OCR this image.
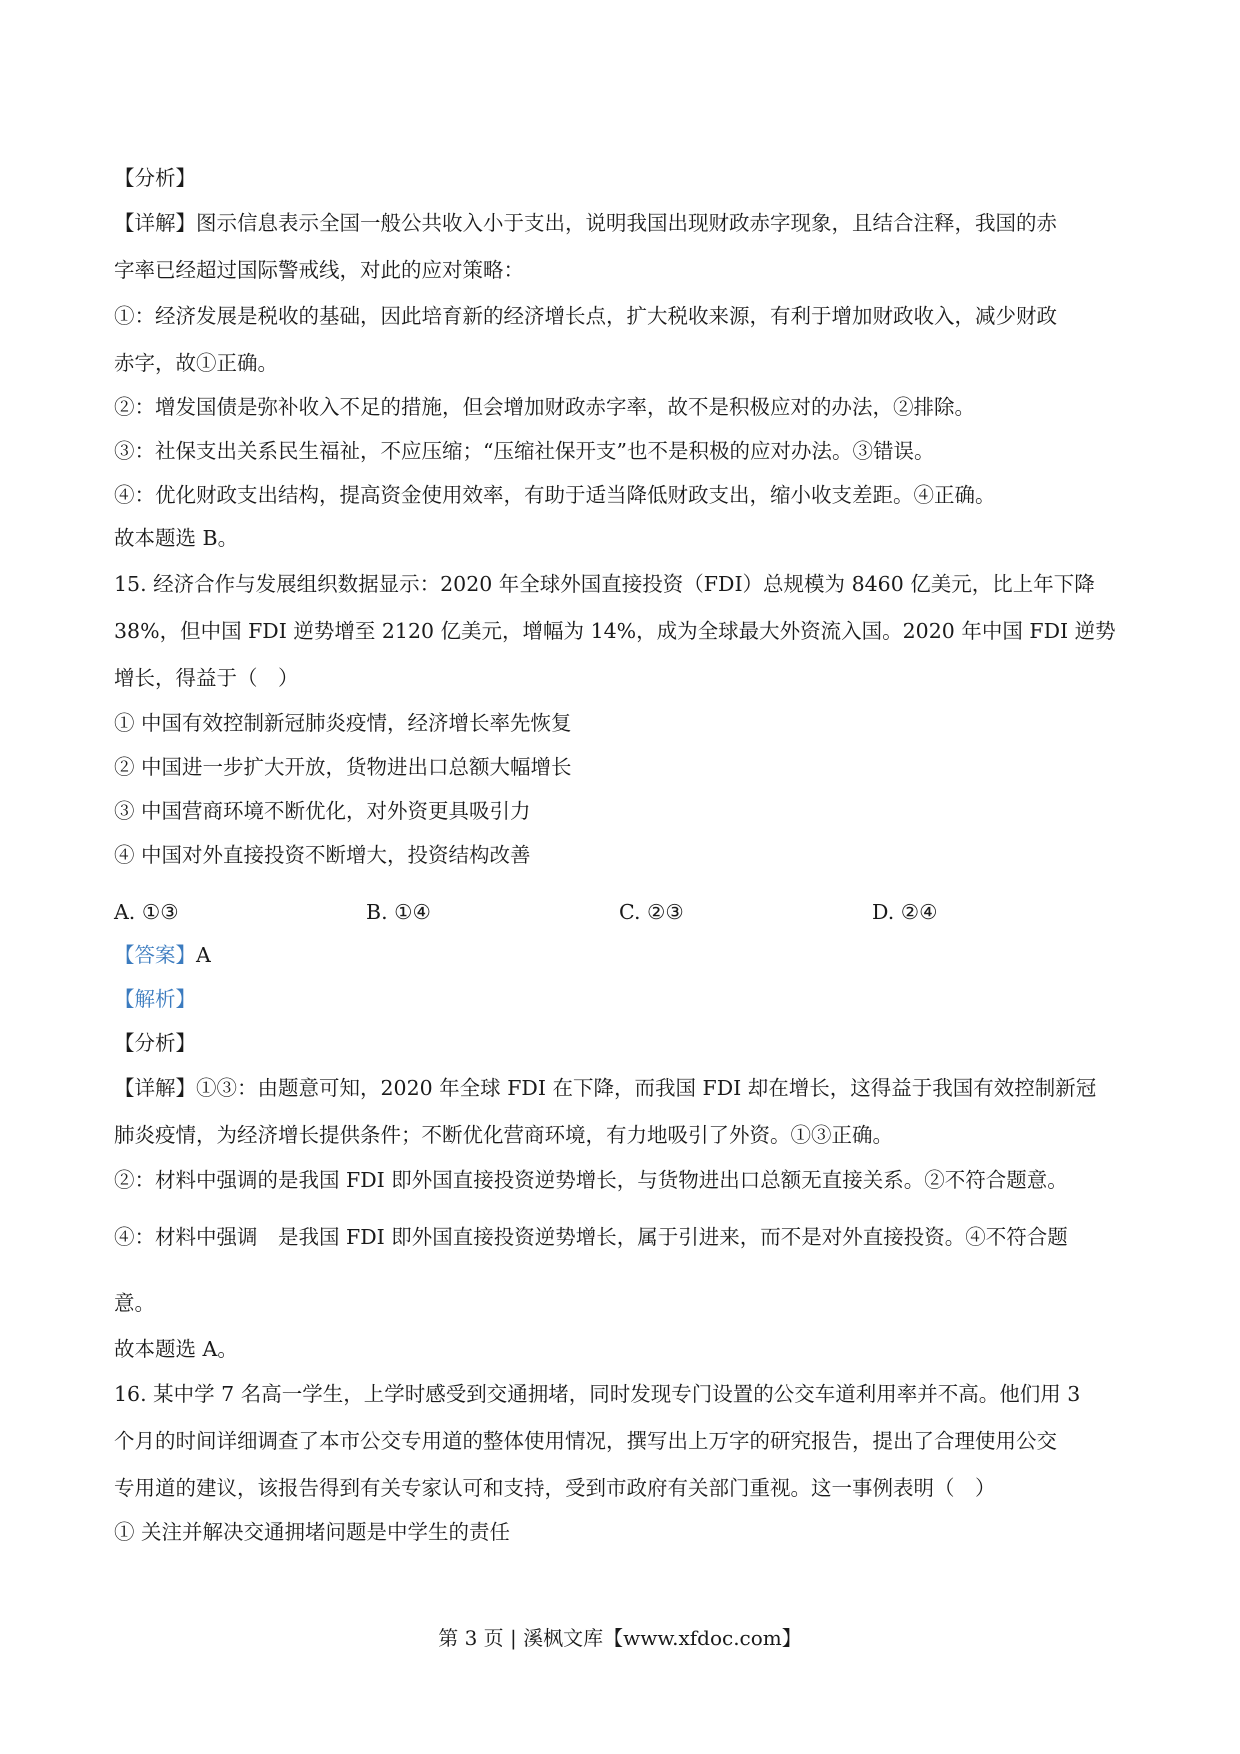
【分析】

【详解】图示信息表示全国一般公共收入小于支出，说明我国出现财政赤字现象，且结合注释，我国的赤

字率已经超过国际警戒线，对此的应对策略：

①：经济发展是税收的基础，因此培育新的经济增长点，扩大税收来源，有利于增加财政收入，减少财政

赤字，故①正确。

②：增发国债是弥补收入不足的措施，但会增加财政赤字率，故不是积极应对的办法，②排除。

③：社保支出关系民生福祉，不应压缩；“压缩社保开支”也不是积极的应对办法。③错误。

④：优化财政支出结构，提高资金使用效率，有助于适当降低财政支出，缩小收支差距。④正确。

故本题选 B。

15. 经济合作与发展组织数据显示：2020 年全球外国直接投资（FDI）总规模为 8460 亿美元，比上年下降

38%，但中国 FDI 逆势增至 2120 亿美元，增幅为 14%，成为全球最大外资流入国。2020 年中国 FDI 逆势

增长，得益于（　）

① 中国有效控制新冠肺炎疫情，经济增长率先恢复

② 中国进一步扩大开放，货物进出口总额大幅增长

③ 中国营商环境不断优化，对外资更具吸引力

④ 中国对外直接投资不断增大，投资结构改善

A. ①③	B. ①④	C. ②③	D. ②④

【答案】A

【解析】

【分析】

【详解】①③：由题意可知，2020 年全球 FDI 在下降，而我国 FDI 却在增长，这得益于我国有效控制新冠

肺炎疫情，为经济增长提供条件；不断优化营商环境，有力地吸引了外资。①③正确。

②：材料中强调的是我国 FDI 即外国直接投资逆势增长，与货物进出口总额无直接关系。②不符合题意。

④：材料中强调　是我国 FDI 即外国直接投资逆势增长，属于引进来，而不是对外直接投资。④不符合题

意。

故本题选 A。

16. 某中学 7 名高一学生，上学时感受到交通拥堵，同时发现专门设置的公交车道利用率并不高。他们用 3

个月的时间详细调查了本市公交专用道的整体使用情况，撰写出上万字的研究报告，提出了合理使用公交

专用道的建议，该报告得到有关专家认可和支持，受到市政府有关部门重视。这一事例表明（　）

① 关注并解决交通拥堵问题是中学生的责任

第 3 页 | 溪枫文库【www.xfdoc.com】
